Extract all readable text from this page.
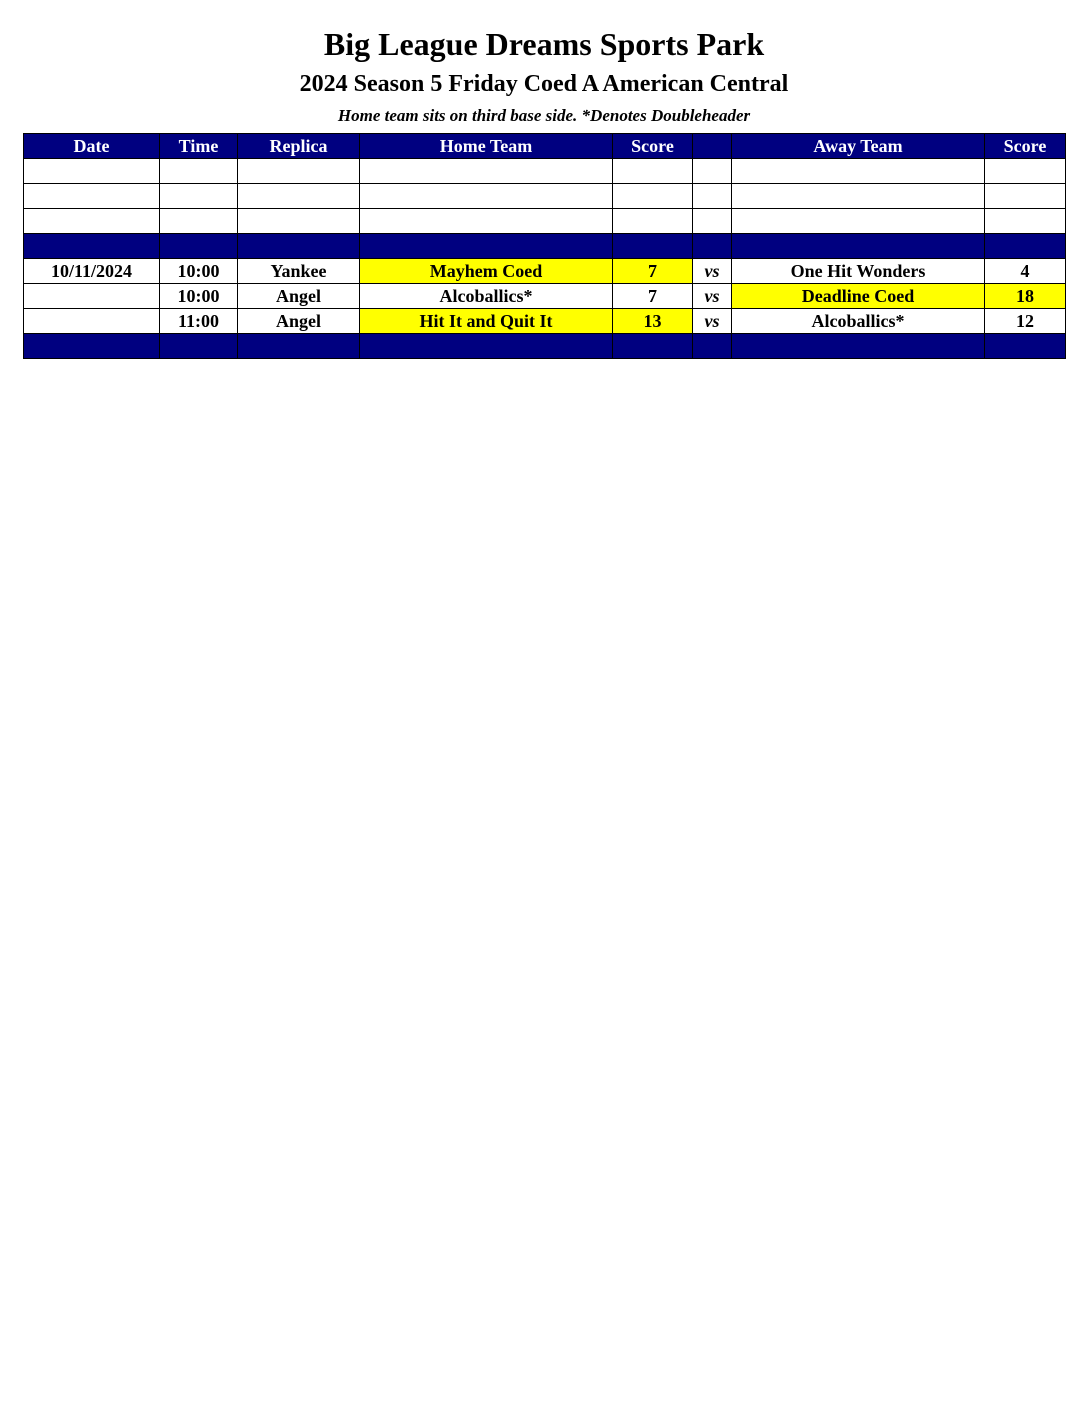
Big League Dreams Sports Park
2024 Season 5 Friday Coed A American Central
Home team sits on third base side. *Denotes Doubleheader
Date	Time	Replica	Home Team	Score		Away Team	Score

10/11/2024	10:00	Yankee	Mayhem Coed	7	vs	One Hit Wonders	4
	10:00	Angel	Alcoballics*	7	vs	Deadline Coed	18
	11:00	Angel	Hit It and Quit It	13	vs	Alcoballics*	12
